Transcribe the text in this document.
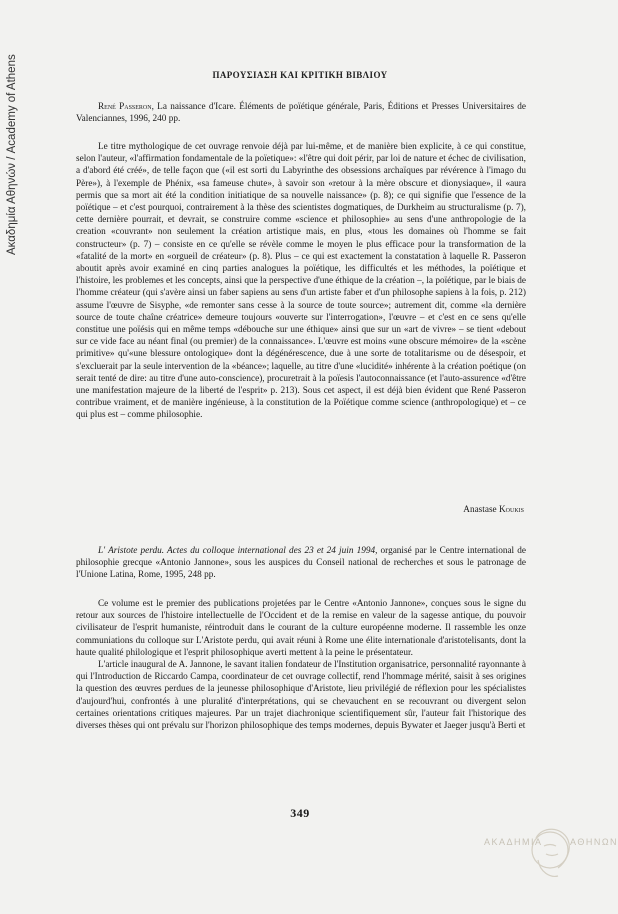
Ακαδημία Αθηνών / Academy of Athens	ΠΑΡΟΥΣΙΑΣΗ ΚΑΙ ΚΡΙΤΙΚΗ ΒΙΒΛΙΟΥ

René Passeron, La naissance d'Icare. Éléments de poïétique générale, Paris, Éditions et Presses Universitaires de Valenciannes, 1996, 240 pp.

Le titre mythologique de cet ouvrage renvoie déjà par lui-même, et de manière bien explicite, à ce qui constitue, selon l'auteur, «l'affirmation fondamentale de la poïetique»: «l'être qui doit périr, par loi de nature et échec de civilisation, a d'abord été créé», de telle façon que («il est sorti du Labyrinthe des obsessions archaïques par révérence à l'imago du Père»), à l'exemple de Phénix, «sa fameuse chute», à savoir son «retour à la mère obscure et dionysiaque», il «aura permis que sa mort ait été la condition initiatique de sa nouvelle naissance» (p. 8); ce qui signifie que l'essence de la poïétique – et c'est pourquoi, contrairement à la thèse des scientistes dogmatiques, de Durkheim au structuralisme (p. 7), cette dernière pourrait, et devrait, se construire comme «science et philosophie» au sens d'une anthropologie de la creation «couvrant» non seulement la création artistique mais, en plus, «tous les domaines où l'homme se fait constructeur» (p. 7) – consiste en ce qu'elle se révèle comme le moyen le plus efficace pour la transformation de la «fatalité de la mort» en «orgueil de créateur» (p. 8). Plus – ce qui est exactement la constatation à laquelle R. Passeron aboutit après avoir examiné en cinq parties analogues la poïétique, les difficultés et les méthodes, la poïétique et l'histoire, les problemes et les concepts, ainsi que la perspective d'une éthique de la création –, la poïétique, par le biais de l'homme créateur (qui s'avère ainsi un faber sapiens au sens d'un artiste faber et d'un philosophe sapiens à la fois, p. 212) assume l'œuvre de Sisyphe, «de remonter sans cesse à la source de toute source»; autrement dit, comme «la dernière source de toute chaîne créatrice» demeure toujours «ouverte sur l'interrogation», l'œuvre – et c'est en ce sens qu'elle constitue une poïésis qui en même temps «débouche sur une éthique» ainsi que sur un «art de vivre» – se tient «debout sur ce vide face au néant final (ou premier) de la connaissance». L'œuvre est moins «une obscure mémoire» de la «scène primitive» qu'«une blessure ontologique» dont la dégénérescence, due à une sorte de totalitarisme ou de désespoir, et s'excluerait par la seule intervention de la «béance»; laquelle, au titre d'une «lucidité» inhérente à la création poétique (on serait tenté de dire: au titre d'une auto-conscience), procuretrait à la poïesis l'autoconnaissance (et l'auto-assurence «d'être une manifestation majeure de la liberté de l'esprit» p. 213). Sous cet aspect, il est déjà bien évident que René Passeron contribue vraiment, et de manière ingénieuse, à la constitution de la Poïétique comme science (anthropologique) et – ce qui plus est – comme philosophie.

Anastase Koukis

L' Aristote perdu. Actes du colloque international des 23 et 24 juin 1994, organisé par le Centre international de philosophie grecque «Antonio Jannone», sous les auspices du Conseil national de recherches et sous le patronage de l'Unione Latina, Rome, 1995, 248 pp.

Ce volume est le premier des publications projetées par le Centre «Antonio Jannone», conçues sous le signe du retour aux sources de l'histoire intellectuelle de l'Occident et de la remise en valeur de la sagesse antique, du pouvoir civilisateur de l'esprit humaniste, réintroduit dans le courant de la culture européenne moderne. Il rassemble les onze communiations du colloque sur L'Aristote perdu, qui avait réuni à Rome une élite internationale d'aristotelisants, dont la haute qualité philologique et l'esprit philosophique averti mettent à la peine le présentateur.

L'article inaugural de A. Jannone, le savant italien fondateur de l'Institution organisatrice, personnalité rayonnante à qui l'Introduction de Riccardo Campa, coordinateur de cet ouvrage collectif, rend l'hommage mérité, saisit à ses origines la question des œuvres perdues de la jeunesse philosophique d'Aristote, lieu privilégié de réflexion pour les spécialistes d'aujourd'hui, confrontés à une pluralité d'interprétations, qui se chevauchent en se recouvrant ou divergent selon certaines orientations critiques majeures. Par un trajet diachronique scientifiquement sûr, l'auteur fait l'historique des diverses thèses qui ont prévalu sur l'horizon philosophique des temps modernes, depuis Bywater et Jaeger jusqu'à Berti et

349
ΑΚΑΔΗΜΙΑ	ΑΘΗΝΩΝ
